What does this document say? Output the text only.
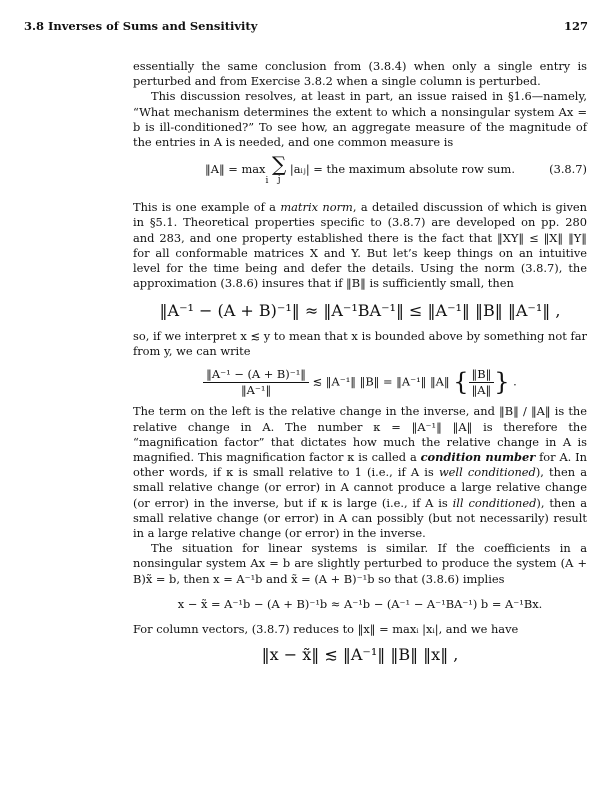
3.8 Inverses of Sums and Sensitivity	127

essentially the same conclusion from (3.8.4) when only a single entry is perturbed and from Exercise 3.8.2 when a single column is perturbed.

This discussion resolves, at least in part, an issue raised in §1.6—namely, “What mechanism determines the extent to which a nonsingular system Ax = b is ill-conditioned?” To see how, an aggregate measure of the magnitude of the entries in A is needed, and one common measure is

‖A‖ = max
i

∑
j
|aᵢⱼ| = the maximum absolute row sum.	(3.8.7)

This is one example of a matrix norm, a detailed discussion of which is given in §5.1. Theoretical properties specific to (3.8.7) are developed on pp. 280 and 283, and one property established there is the fact that ‖XY‖ ≤ ‖X‖ ‖Y‖ for all conformable matrices X and Y. But let’s keep things on an intuitive level for the time being and defer the details. Using the norm (3.8.7), the approximation (3.8.6) insures that if ‖B‖ is sufficiently small, then

‖A⁻¹ − (A + B)⁻¹‖ ≈ ‖A⁻¹BA⁻¹‖ ≤ ‖A⁻¹‖ ‖B‖ ‖A⁻¹‖ ,

so, if we interpret x ≲ y to mean that x is bounded above by something not far from y, we can write

$\frac{\text{‖A⁻¹ − (A + B)⁻¹‖}}{\text{‖A⁻¹‖}}$ ≲ ‖A⁻¹‖ ‖B‖ = ‖A⁻¹‖ ‖A‖ { $\frac{‖B‖}{‖A‖}$ } .

The term on the left is the relative change in the inverse, and ‖B‖ / ‖A‖ is the relative change in A. The number κ = ‖A⁻¹‖ ‖A‖ is therefore the “magnification factor” that dictates how much the relative change in A is magnified. This magnification factor κ is called a condition number for A. In other words, if κ is small relative to 1 (i.e., if A is well conditioned), then a small relative change (or error) in A cannot produce a large relative change (or error) in the inverse, but if κ is large (i.e., if A is ill conditioned), then a small relative change (or error) in A can possibly (but not necessarily) result in a large relative change (or error) in the inverse.

The situation for linear systems is similar. If the coefficients in a nonsingular system Ax = b are slightly perturbed to produce the system (A + B)x̃ = b, then x = A⁻¹b and x̃ = (A + B)⁻¹b so that (3.8.6) implies

x − x̃ = A⁻¹b − (A + B)⁻¹b ≈ A⁻¹b − (A⁻¹ − A⁻¹BA⁻¹) b = A⁻¹Bx.

For column vectors, (3.8.7) reduces to ‖x‖ = maxᵢ |xᵢ|, and we have

‖x − x̃‖ ≲ ‖A⁻¹‖ ‖B‖ ‖x‖ ,
